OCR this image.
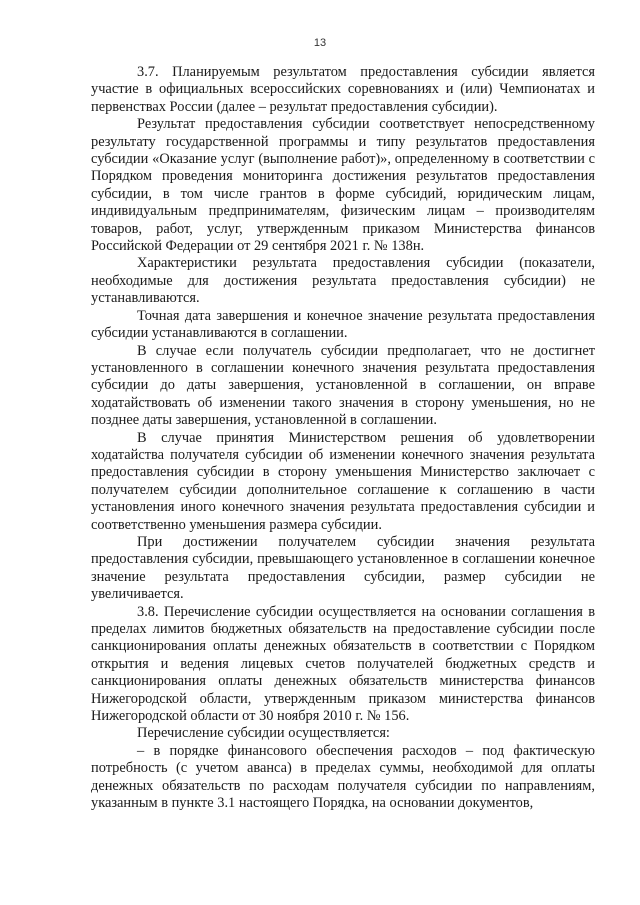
13

3.7. Планируемым результатом предоставления субсидии является участие в официальных всероссийских соревнованиях и (или) Чемпионатах и первенствах России (далее – результат предоставления субсидии).

Результат предоставления субсидии соответствует непосредственному результату государственной программы и типу результатов предоставления субсидии «Оказание услуг (выполнение работ)», определенному в соответствии с Порядком проведения мониторинга достижения результатов предоставления субсидии, в том числе грантов в форме субсидий, юридическим лицам, индивидуальным предпринимателям, физическим лицам – производителям товаров, работ, услуг, утвержденным приказом Министерства финансов Российской Федерации от 29 сентября 2021 г. № 138н.

Характеристики результата предоставления субсидии (показатели, необходимые для достижения результата предоставления субсидии) не устанавливаются.

Точная дата завершения и конечное значение результата предоставления субсидии устанавливаются в соглашении.

В случае если получатель субсидии предполагает, что не достигнет установленного в соглашении конечного значения результата предоставления субсидии до даты завершения, установленной в соглашении, он вправе ходатайствовать об изменении такого значения в сторону уменьшения, но не позднее даты завершения, установленной в соглашении.

В случае принятия Министерством решения об удовлетворении ходатайства получателя субсидии об изменении конечного значения результата предоставления субсидии в сторону уменьшения Министерство заключает с получателем субсидии дополнительное соглашение к соглашению в части установления иного конечного значения результата предоставления субсидии и соответственно уменьшения размера субсидии.

При достижении получателем субсидии значения результата предоставления субсидии, превышающего установленное в соглашении конечное значение результата предоставления субсидии, размер субсидии не увеличивается.

3.8. Перечисление субсидии осуществляется на основании соглашения в пределах лимитов бюджетных обязательств на предоставление субсидии после санкционирования оплаты денежных обязательств в соответствии с Порядком открытия и ведения лицевых счетов получателей бюджетных средств и санкционирования оплаты денежных обязательств министерства финансов Нижегородской области, утвержденным приказом министерства финансов Нижегородской области от 30 ноября 2010 г. № 156.

Перечисление субсидии осуществляется:

– в порядке финансового обеспечения расходов – под фактическую потребность (с учетом аванса) в пределах суммы, необходимой для оплаты денежных обязательств по расходам получателя субсидии по направлениям, указанным в пункте 3.1 настоящего Порядка, на основании документов,
